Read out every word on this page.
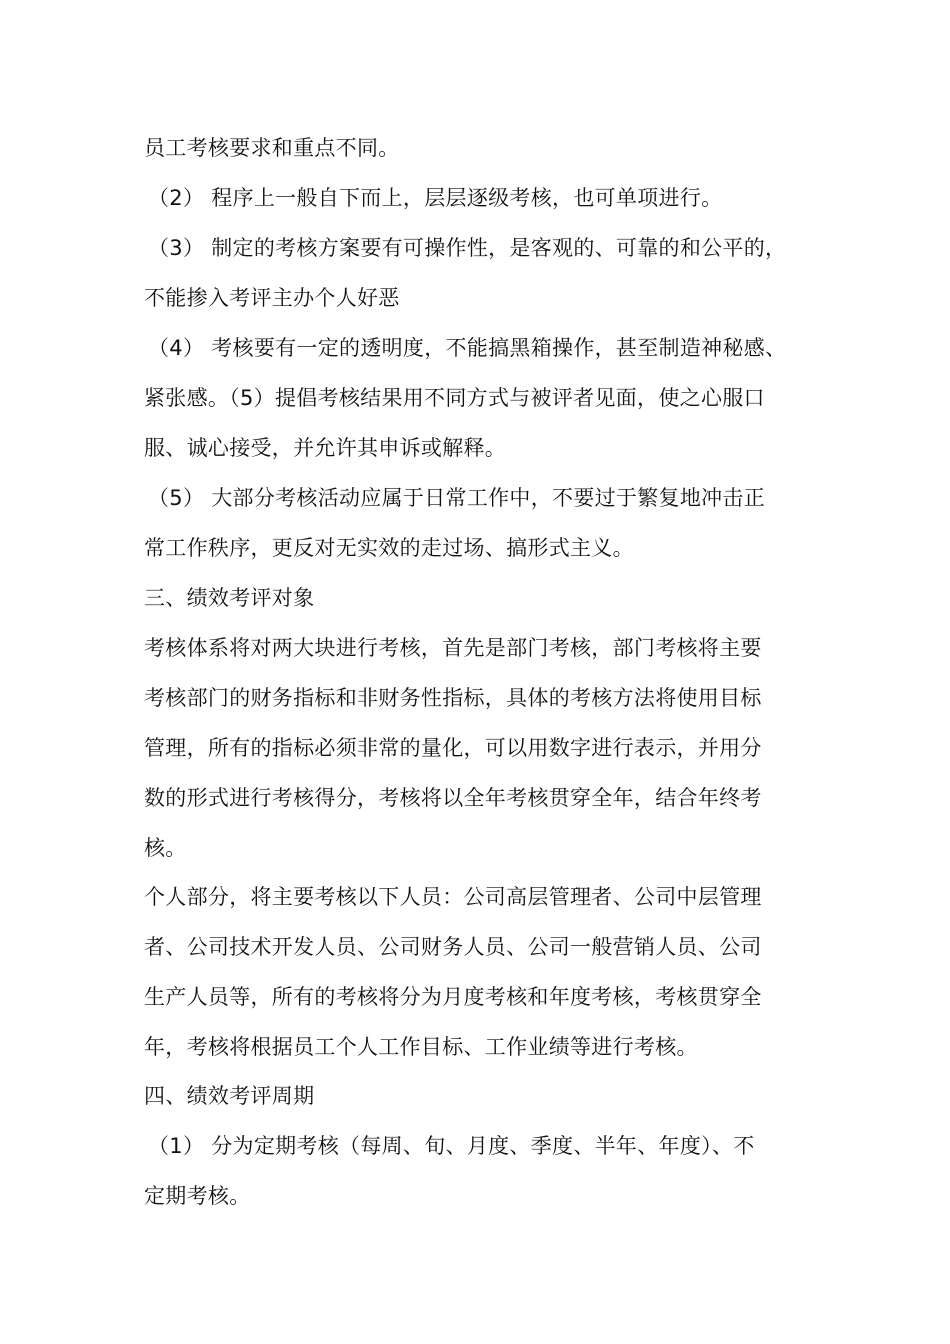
员工考核要求和重点不同。
（2） 程序上一般自下而上，层层逐级考核，也可单项进行。
（3） 制定的考核方案要有可操作性，是客观的、可靠的和公平的，
不能掺入考评主办个人好恶
（4） 考核要有一定的透明度，不能搞黑箱操作，甚至制造神秘感、
紧张感。（5）提倡考核结果用不同方式与被评者见面，使之心服口
服、诚心接受，并允许其申诉或解释。
（5） 大部分考核活动应属于日常工作中，不要过于繁复地冲击正
常工作秩序，更反对无实效的走过场、搞形式主义。
三、绩效考评对象
考核体系将对两大块进行考核，首先是部门考核，部门考核将主要
考核部门的财务指标和非财务性指标，具体的考核方法将使用目标
管理，所有的指标必须非常的量化，可以用数字进行表示，并用分
数的形式进行考核得分，考核将以全年考核贯穿全年，结合年终考
核。
个人部分，将主要考核以下人员：公司高层管理者、公司中层管理
者、公司技术开发人员、公司财务人员、公司一般营销人员、公司
生产人员等，所有的考核将分为月度考核和年度考核，考核贯穿全
年，考核将根据员工个人工作目标、工作业绩等进行考核。
四、绩效考评周期
（1） 分为定期考核（每周、旬、月度、季度、半年、年度）、不
定期考核。
